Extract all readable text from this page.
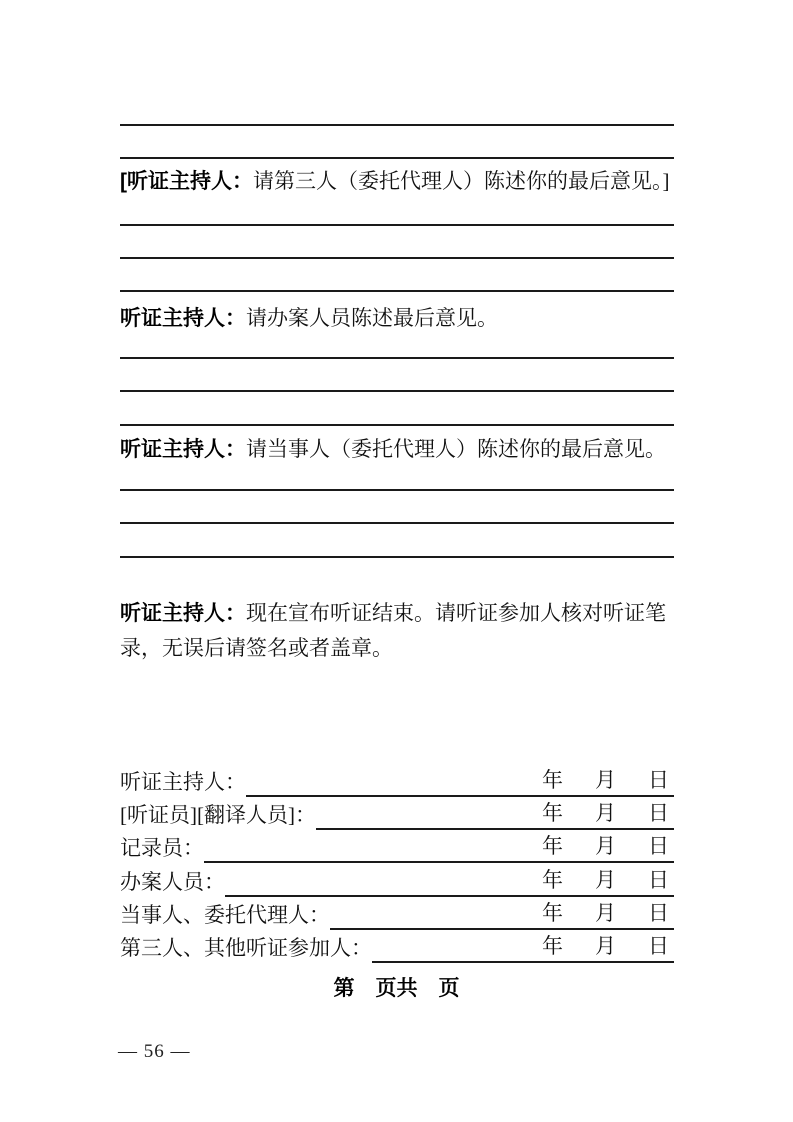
[听证主持人：请第三人（委托代理人）陈述你的最后意见。]
听证主持人：请办案人员陈述最后意见。
听证主持人：请当事人（委托代理人）陈述你的最后意见。
听证主持人：现在宣布听证结束。请听证参加人核对听证笔录，无误后请签名或者盖章。
听证主持人：	年 月 日
[听证员][翻译人员]：	年 月 日
记录员：	年 月 日
办案人员：	年 月 日
当事人、委托代理人：	年 月 日
第三人、其他听证参加人：	年 月 日
第　页共　页
— 56 —
